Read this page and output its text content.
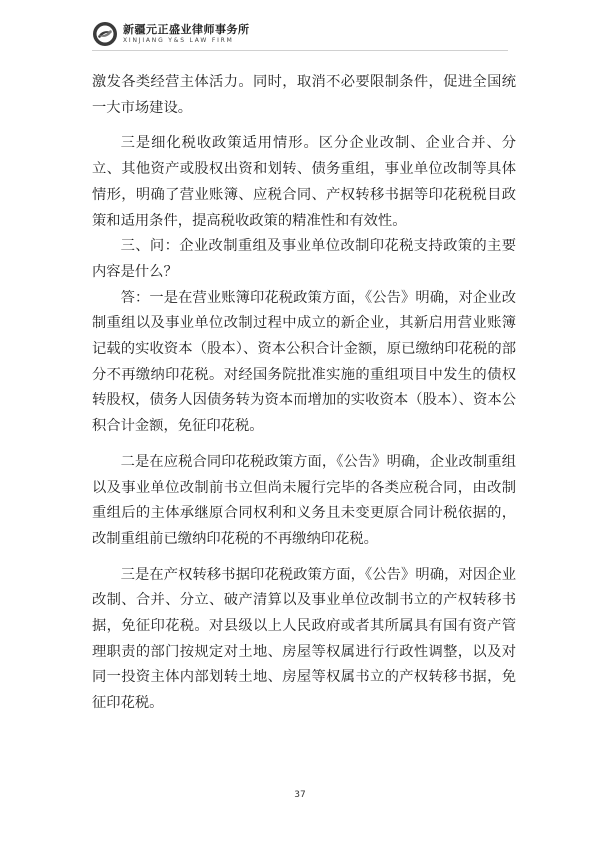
新疆元正盛业律师事务所
XINJIANG Y&S LAW FIRM

激发各类经营主体活力。同时，取消不必要限制条件，促进全国统一大市场建设。

三是细化税收政策适用情形。区分企业改制、企业合并、分立、其他资产或股权出资和划转、债务重组，事业单位改制等具体情形，明确了营业账簿、应税合同、产权转移书据等印花税税目政策和适用条件，提高税收政策的精准性和有效性。

三、问：企业改制重组及事业单位改制印花税支持政策的主要内容是什么？

答：一是在营业账簿印花税政策方面，《公告》明确，对企业改制重组以及事业单位改制过程中成立的新企业，其新启用营业账簿记载的实收资本（股本）、资本公积合计金额，原已缴纳印花税的部分不再缴纳印花税。对经国务院批准实施的重组项目中发生的债权转股权，债务人因债务转为资本而增加的实收资本（股本）、资本公积合计金额，免征印花税。

二是在应税合同印花税政策方面，《公告》明确，企业改制重组以及事业单位改制前书立但尚未履行完毕的各类应税合同，由改制重组后的主体承继原合同权利和义务且未变更原合同计税依据的，改制重组前已缴纳印花税的不再缴纳印花税。

三是在产权转移书据印花税政策方面，《公告》明确，对因企业改制、合并、分立、破产清算以及事业单位改制书立的产权转移书据，免征印花税。对县级以上人民政府或者其所属具有国有资产管理职责的部门按规定对土地、房屋等权属进行行政性调整，以及对同一投资主体内部划转土地、房屋等权属书立的产权转移书据，免征印花税。

37
